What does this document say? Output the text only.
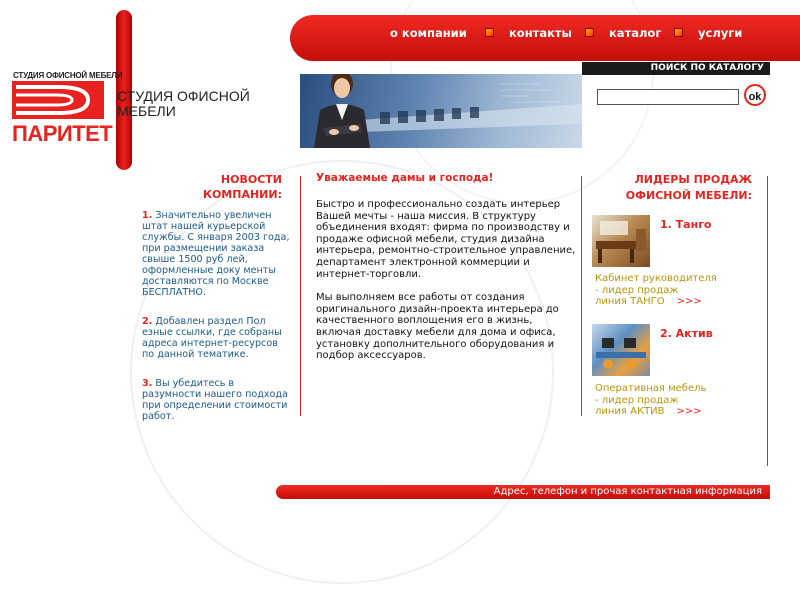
СТУДИЯ ОФИСНОЙ МЕБЕЛИ
ПАРИТЕТ
СТУДИЯ ОФИСНОЙ
МЕБЕЛИ
о компании	контакты	каталог	услуги
ПОИСК ПО КАТАЛОГУ
ok
НОВОСТИ
КОМПАНИИ:
1. Значительно увеличен штат нашей курьерской службы. С января 2003 года, при размещении заказа свыше 1500 руб лей, оформленные доку менты доставляются по Москве БЕСПЛАТНО.
2. Добавлен раздел Пол езные ссылки, где собраны адреса интернет-ресурсов по данной тематике.
3. Вы убедитесь в разумности нашего подхода при определении стоимости работ.
Уважаемые дамы и господа!

Быстро и профессионально создать интерьер Вашей мечты - наша миссия. В структуру объединения входят: фирма по производству и продаже офисной мебели, студия дизайна интерьера, ремонтно-строительное управление, департамент электронной коммерции и интернет-торговли.

Мы выполняем все работы от создания оригинального дизайн-проекта интерьера до качественного воплощения его в жизнь, включая доставку мебели для дома и офиса, установку дополнительного оборудования и подбор аксессуаров.

ЛИДЕРЫ ПРОДАЖ
ОФИСНОЙ МЕБЕЛИ:
1. Танго
Кабинет руководителя
- лидер продаж
линия ТАНГО >>>
2. Актив
Оперативная мебель
- лидер продаж
линия АКТИВ >>>
Адрес, телефон и прочая контактная информация
